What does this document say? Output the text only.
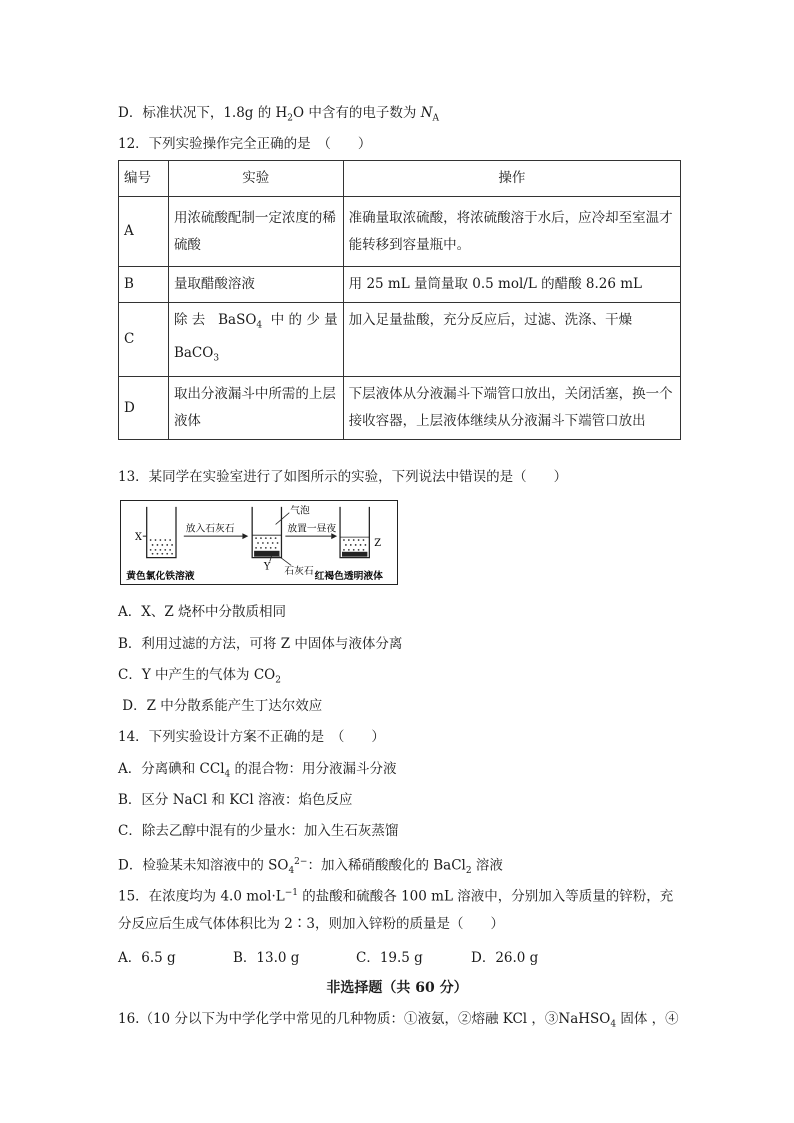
D．标准状况下，1.8g 的 $H_2O$ 中含有的电子数为 $N_A$
12．下列实验操作完全正确的是　（　　）
编号	实验	操作
A	用浓硫酸配制一定浓度的稀硫酸	准确量取浓硫酸，将浓硫酸溶于水后，应冷却至室温才能转移到容量瓶中。
B	量取醋酸溶液	用 25 mL 量筒量取 0.5 mol/L 的醋酸 8.26 mL
C	除去 BaSO$_4$ 中的少量 BaCO$_3$	加入足量盐酸，充分反应后，过滤、洗涤、干燥
D	取出分液漏斗中所需的上层液体	下层液体从分液漏斗下端管口放出，关闭活塞，换一个接收容器，上层液体继续从分液漏斗下端管口放出
13．某同学在实验室进行了如图所示的实验，下列说法中错误的是（　　）
X
放入石灰石
Y
气泡
放置一昼夜
石灰石
Z
黄色氯化铁溶液	红褐色透明液体
A．X、Z 烧杯中分散质相同
B．利用过滤的方法，可将 Z 中固体与液体分离
C．Y 中产生的气体为 $CO_2$
D．Z 中分散系能产生丁达尔效应
14．下列实验设计方案不正确的是　（　　）
A．分离碘和 CCl$_4$ 的混合物：用分液漏斗分液
B．区分 NaCl 和 KCl 溶液：焰色反应
C．除去乙醇中混有的少量水：加入生石灰蒸馏
D．检验某未知溶液中的 $SO_4^{2-}$：加入稀硝酸酸化的 BaCl$_2$ 溶液
15．在浓度均为 4.0 $mol\cdot L^{-1}$ 的盐酸和硫酸各 100 mL 溶液中，分别加入等质量的锌粉，充
分反应后生成气体体积比为 2∶3，则加入锌粉的质量是（　　）
A．6.5 g	B．13.0 g	C．19.5 g	D．26.0 g
非选择题（共 60 分）
16.（10 分以下为中学化学中常见的几种物质：①液氨，②熔融 KCl ，③NaHSO$_4$ 固体 ，④
